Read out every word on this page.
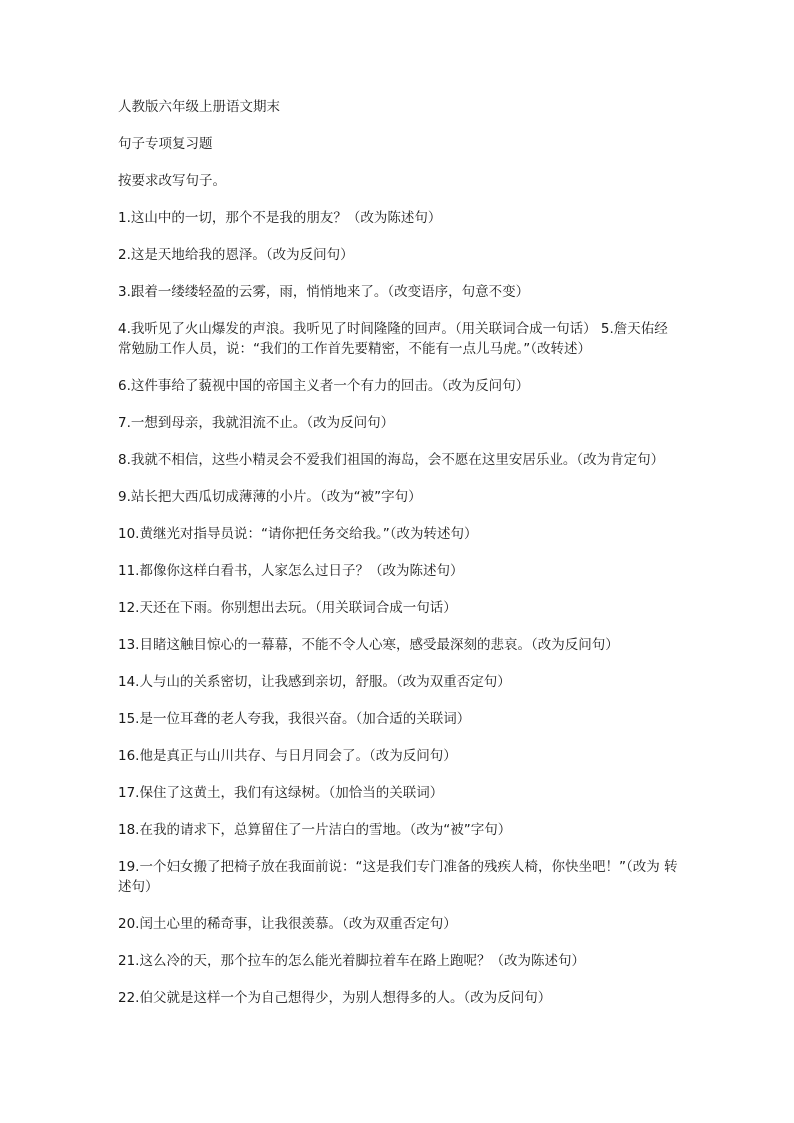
人教版六年级上册语文期末

句子专项复习题

按要求改写句子。

1.这山中的一切，那个不是我的朋友？（改为陈述句）

2.这是天地给我的恩泽。（改为反问句）

3.跟着一缕缕轻盈的云雾，雨，悄悄地来了。（改变语序，句意不变）

4.我听见了火山爆发的声浪。我听见了时间隆隆的回声。（用关联词合成一句话） 5.詹天佑经常勉励工作人员，说：“我们的工作首先要精密，不能有一点儿马虎。”（改转述）

6.这件事给了藐视中国的帝国主义者一个有力的回击。（改为反问句）

7.一想到母亲，我就泪流不止。（改为反问句）

8.我就不相信，这些小精灵会不爱我们祖国的海岛，会不愿在这里安居乐业。（改为肯定句）

9.站长把大西瓜切成薄薄的小片。（改为“被”字句）

10.黄继光对指导员说：“请你把任务交给我。”（改为转述句）

11.都像你这样白看书，人家怎么过日子？（改为陈述句）

12.天还在下雨。你别想出去玩。（用关联词合成一句话）

13.目睹这触目惊心的一幕幕，不能不令人心寒，感受最深刻的悲哀。（改为反问句）

14.人与山的关系密切，让我感到亲切，舒服。（改为双重否定句）

15.是一位耳聋的老人夸我，我很兴奋。（加合适的关联词）

16.他是真正与山川共存、与日月同会了。（改为反问句）

17.保住了这黄土，我们有这绿树。（加恰当的关联词）

18.在我的请求下，总算留住了一片洁白的雪地。（改为“被”字句）

19.一个妇女搬了把椅子放在我面前说：“这是我们专门准备的残疾人椅，你快坐吧！”（改为 转述句）

20.闰土心里的稀奇事，让我很羡慕。（改为双重否定句）

21.这么冷的天，那个拉车的怎么能光着脚拉着车在路上跑呢？（改为陈述句）

22.伯父就是这样一个为自己想得少，为别人想得多的人。（改为反问句）
